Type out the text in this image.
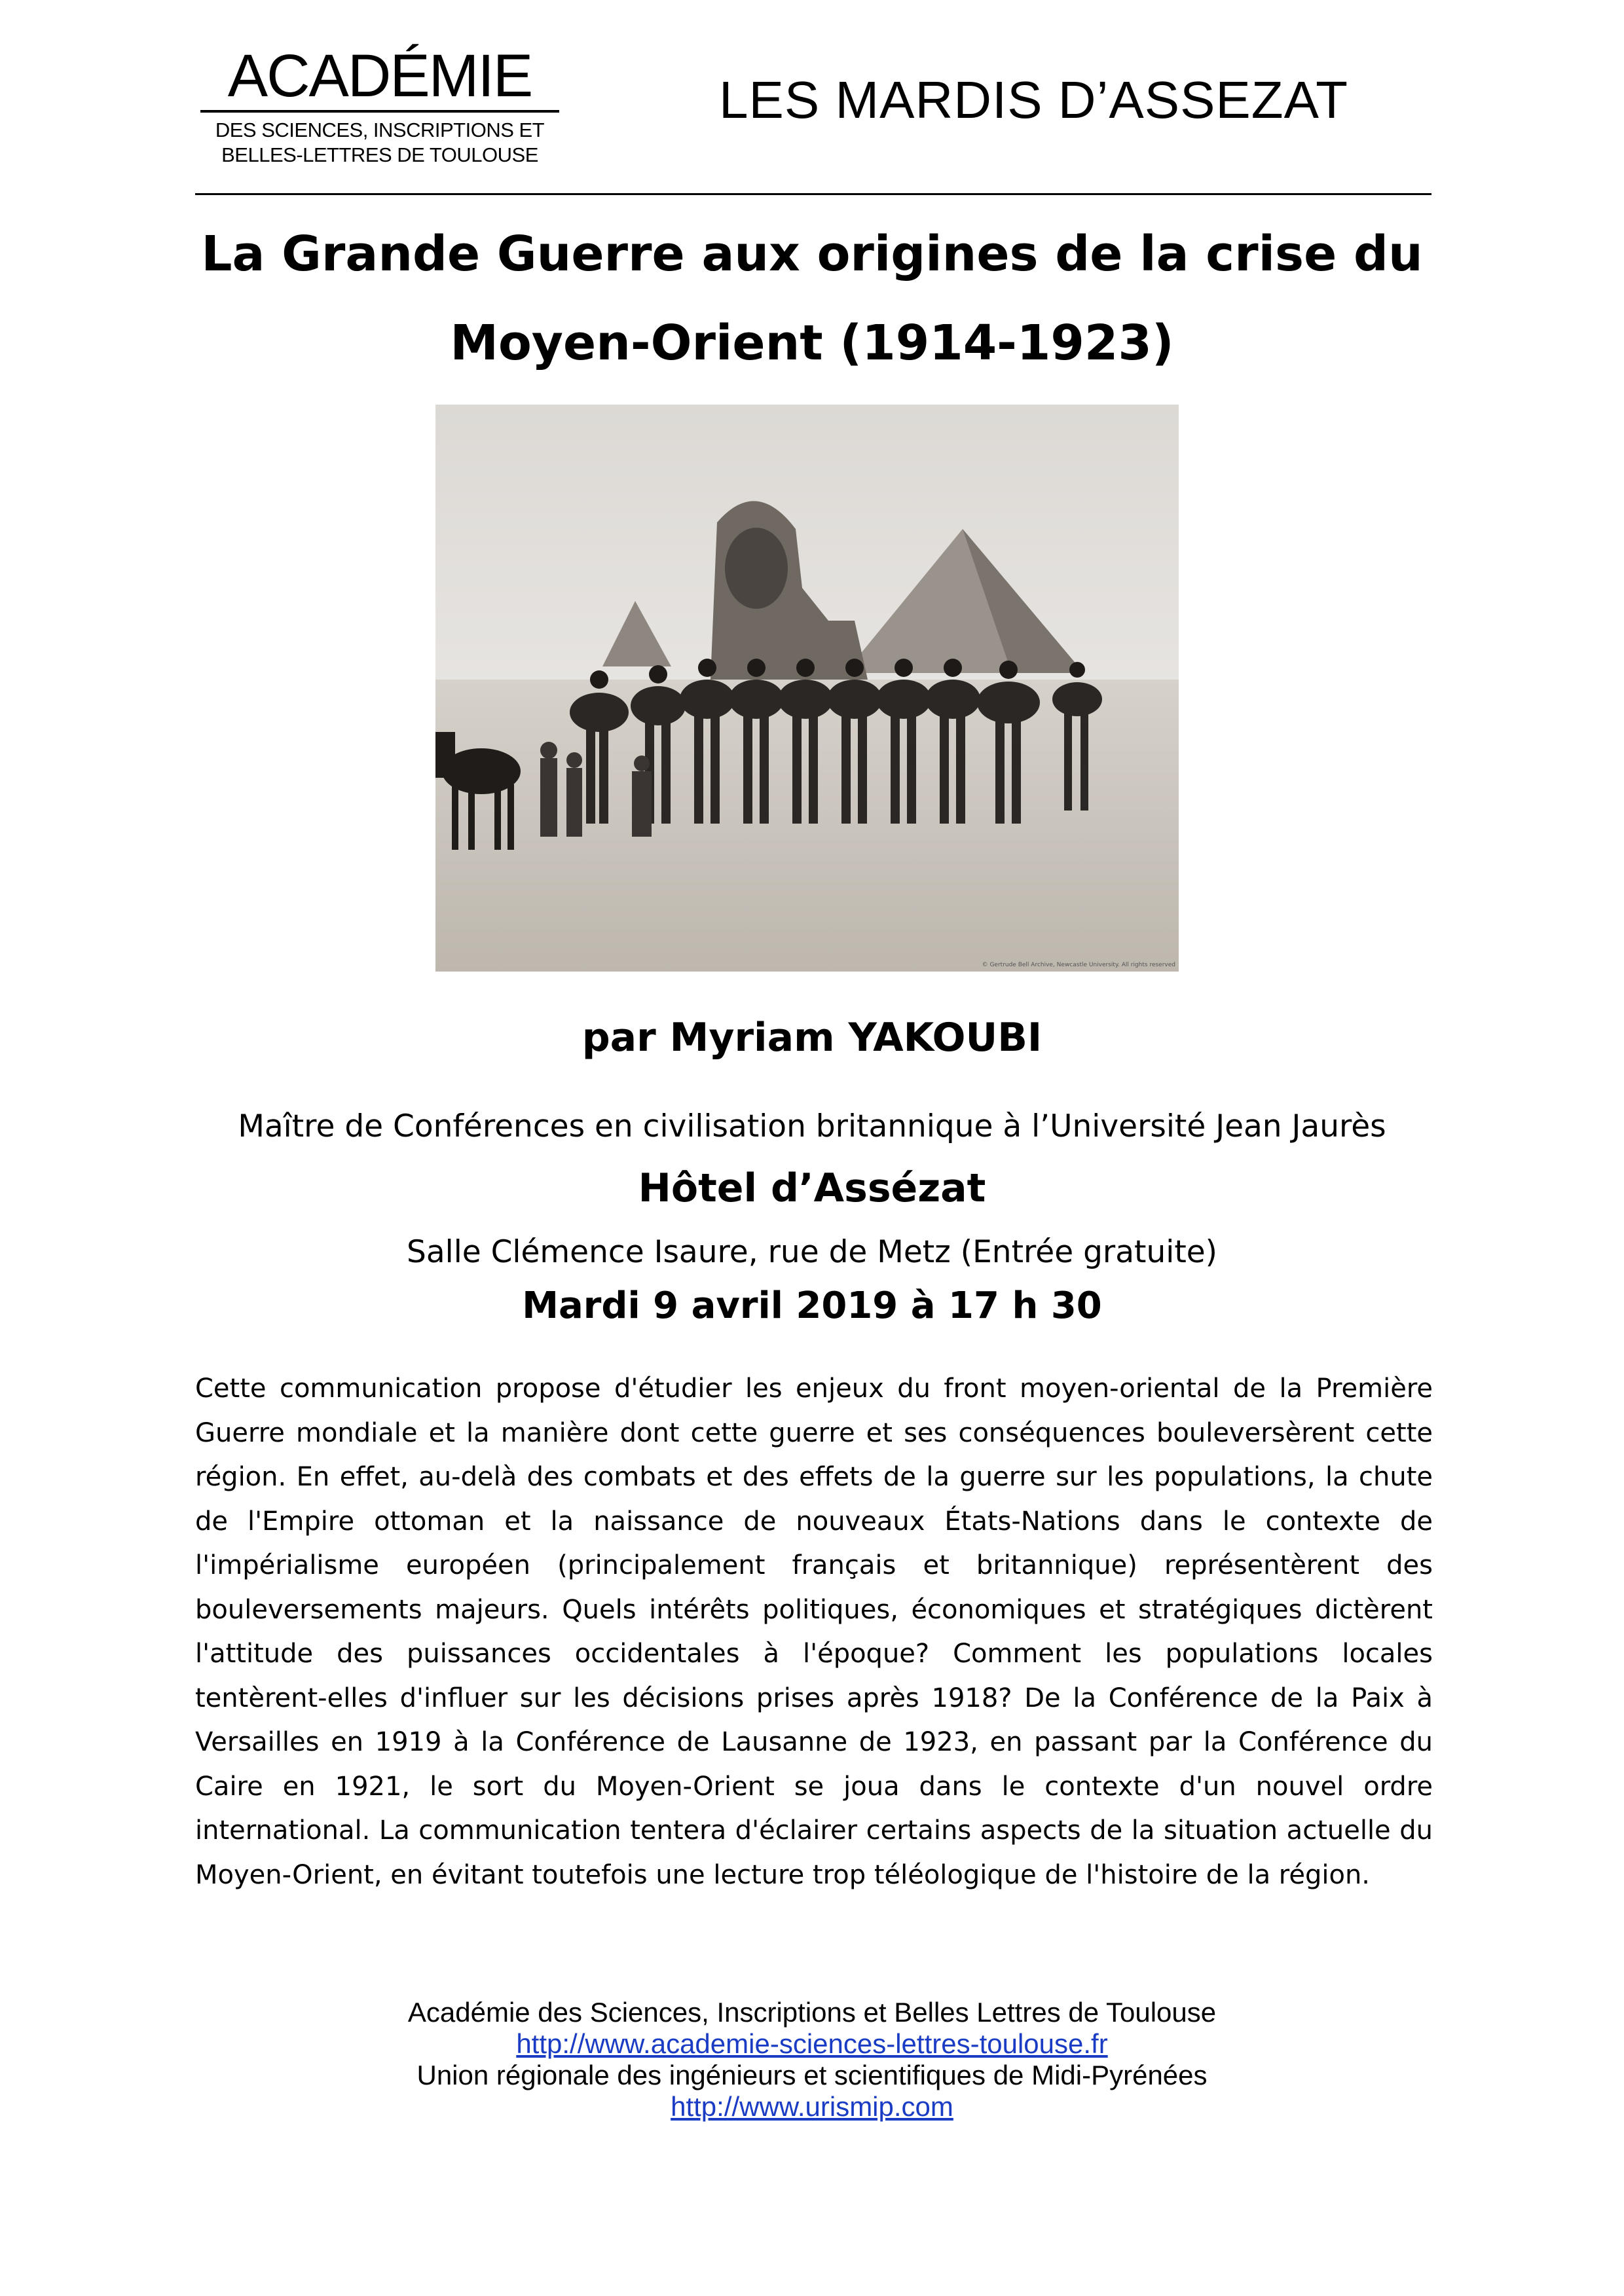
ACADÉMIE
DES SCIENCES, INSCRIPTIONS ET
BELLES-LETTRES DE TOULOUSE
LES MARDIS D’ASSEZAT
La Grande Guerre aux origines de la crise du
Moyen-Orient (1914-1923)
© Gertrude Bell Archive, Newcastle University. All rights reserved
par Myriam YAKOUBI
Maître de Conférences en civilisation britannique à l’Université Jean Jaurès
Hôtel d’Assézat
Salle Clémence Isaure, rue de Metz (Entrée gratuite)
Mardi 9 avril 2019 à 17 h 30

Cette communication propose d'étudier les enjeux du front moyen-oriental de la Première Guerre mondiale et la manière dont cette guerre et ses conséquences bouleversèrent cette région. En effet, au-delà des combats et des effets de la guerre sur les populations, la chute de l'Empire ottoman et la naissance de nouveaux États-Nations dans le contexte de l'impérialisme européen (principalement français et britannique) représentèrent des bouleversements majeurs. Quels intérêts politiques, économiques et stratégiques dictèrent l'attitude des puissances occidentales à l'époque? Comment les populations locales tentèrent-elles d'influer sur les décisions prises après 1918? De la Conférence de la Paix à Versailles en 1919 à la Conférence de Lausanne de 1923, en passant par la Conférence du Caire en 1921, le sort du Moyen-Orient se joua dans le contexte d'un nouvel ordre international. La communication tentera d'éclairer certains aspects de la situation actuelle du Moyen-Orient, en évitant toutefois une lecture trop téléologique de l'histoire de la région.

Académie des Sciences, Inscriptions et Belles Lettres de Toulouse
http://www.academie-sciences-lettres-toulouse.fr
Union régionale des ingénieurs et scientifiques de Midi-Pyrénées
http://www.urismip.com
